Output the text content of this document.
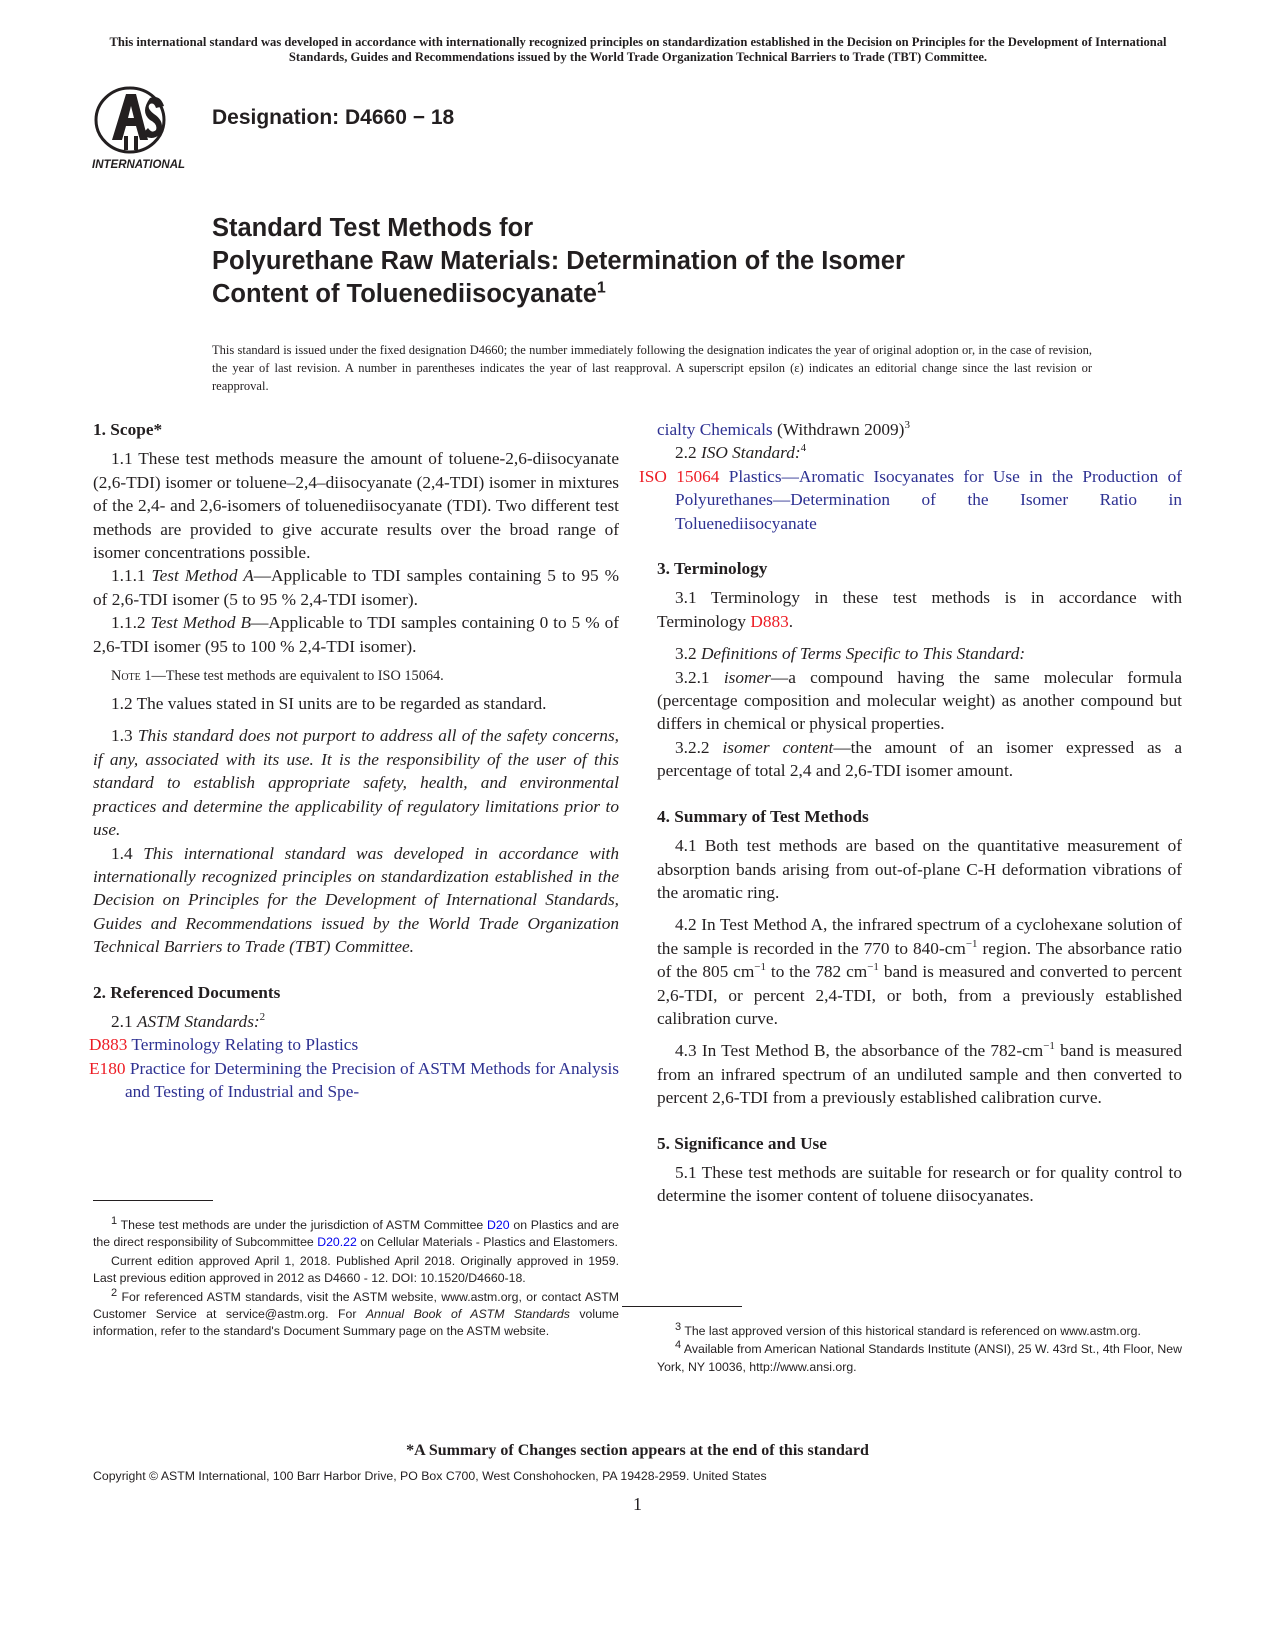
This international standard was developed in accordance with internationally recognized principles on standardization established in the Decision on Principles for the Development of International Standards, Guides and Recommendations issued by the World Trade Organization Technical Barriers to Trade (TBT) Committee.
INTERNATIONAL
Designation: D4660 − 18
Standard Test Methods for
Polyurethane Raw Materials: Determination of the Isomer
Content of Toluenediisocyanate$^1$
This standard is issued under the fixed designation D4660; the number immediately following the designation indicates the year of original adoption or, in the case of revision, the year of last revision. A number in parentheses indicates the year of last reapproval. A superscript epsilon (ε) indicates an editorial change since the last revision or reapproval.

1. Scope*

1.1 These test methods measure the amount of toluene-2,6-diisocyanate (2,6-TDI) isomer or toluene–2,4–diisocyanate (2,4-TDI) isomer in mixtures of the 2,4- and 2,6-isomers of toluenediisocyanate (TDI). Two different test methods are provided to give accurate results over the broad range of isomer concentrations possible.

1.1.1 Test Method A—Applicable to TDI samples containing 5 to 95 % of 2,6-TDI isomer (5 to 95 % 2,4-TDI isomer).

1.1.2 Test Method B—Applicable to TDI samples containing 0 to 5 % of 2,6-TDI isomer (95 to 100 % 2,4-TDI isomer).

Note 1—These test methods are equivalent to ISO 15064.

1.2 The values stated in SI units are to be regarded as standard.

1.3 This standard does not purport to address all of the safety concerns, if any, associated with its use. It is the responsibility of the user of this standard to establish appropriate safety, health, and environmental practices and determine the applicability of regulatory limitations prior to use.

1.4 This international standard was developed in accordance with internationally recognized principles on standardization established in the Decision on Principles for the Development of International Standards, Guides and Recommendations issued by the World Trade Organization Technical Barriers to Trade (TBT) Committee.

2. Referenced Documents

2.1 ASTM Standards:$^2$

D883 Terminology Relating to Plastics

E180 Practice for Determining the Precision of ASTM Methods for Analysis and Testing of Industrial and Spe-

cialty Chemicals (Withdrawn 2009)$^3$

2.2 ISO Standard:$^4$

ISO 15064 Plastics—Aromatic Isocyanates for Use in the Production of Polyurethanes—Determination of the Isomer Ratio in Toluenediisocyanate

3. Terminology

3.1 Terminology in these test methods is in accordance with Terminology D883.

3.2 Definitions of Terms Specific to This Standard:

3.2.1 isomer—a compound having the same molecular formula (percentage composition and molecular weight) as another compound but differs in chemical or physical properties.

3.2.2 isomer content—the amount of an isomer expressed as a percentage of total 2,4 and 2,6-TDI isomer amount.

4. Summary of Test Methods

4.1 Both test methods are based on the quantitative measurement of absorption bands arising from out-of-plane C-H deformation vibrations of the aromatic ring.

4.2 In Test Method A, the infrared spectrum of a cyclohexane solution of the sample is recorded in the 770 to $840-cm^{-1}$ region. The absorbance ratio of the 805 $cm^{-1}$ to the 782 $cm^{-1}$ band is measured and converted to percent 2,6-TDI, or percent 2,4-TDI, or both, from a previously established calibration curve.

4.3 In Test Method B, the absorbance of the $782-cm^{-1}$ band is measured from an infrared spectrum of an undiluted sample and then converted to percent 2,6-TDI from a previously established calibration curve.

5. Significance and Use

5.1 These test methods are suitable for research or for quality control to determine the isomer content of toluene diisocyanates.

$^1$ These test methods are under the jurisdiction of ASTM Committee D20 on Plastics and are the direct responsibility of Subcommittee D20.22 on Cellular Materials - Plastics and Elastomers.

Current edition approved April 1, 2018. Published April 2018. Originally approved in 1959. Last previous edition approved in 2012 as D4660 - 12. DOI: 10.1520/D4660-18.

$^2$ For referenced ASTM standards, visit the ASTM website, www.astm.org, or contact ASTM Customer Service at service@astm.org. For Annual Book of ASTM Standards volume information, refer to the standard's Document Summary page on the ASTM website.	$^3$ The last approved version of this historical standard is referenced on www.astm.org.

$^4$ Available from American National Standards Institute (ANSI), 25 W. 43rd St., 4th Floor, New York, NY 10036, http://www.ansi.org.

*A Summary of Changes section appears at the end of this standard
Copyright © ASTM International, 100 Barr Harbor Drive, PO Box C700, West Conshohocken, PA 19428-2959. United States
1
